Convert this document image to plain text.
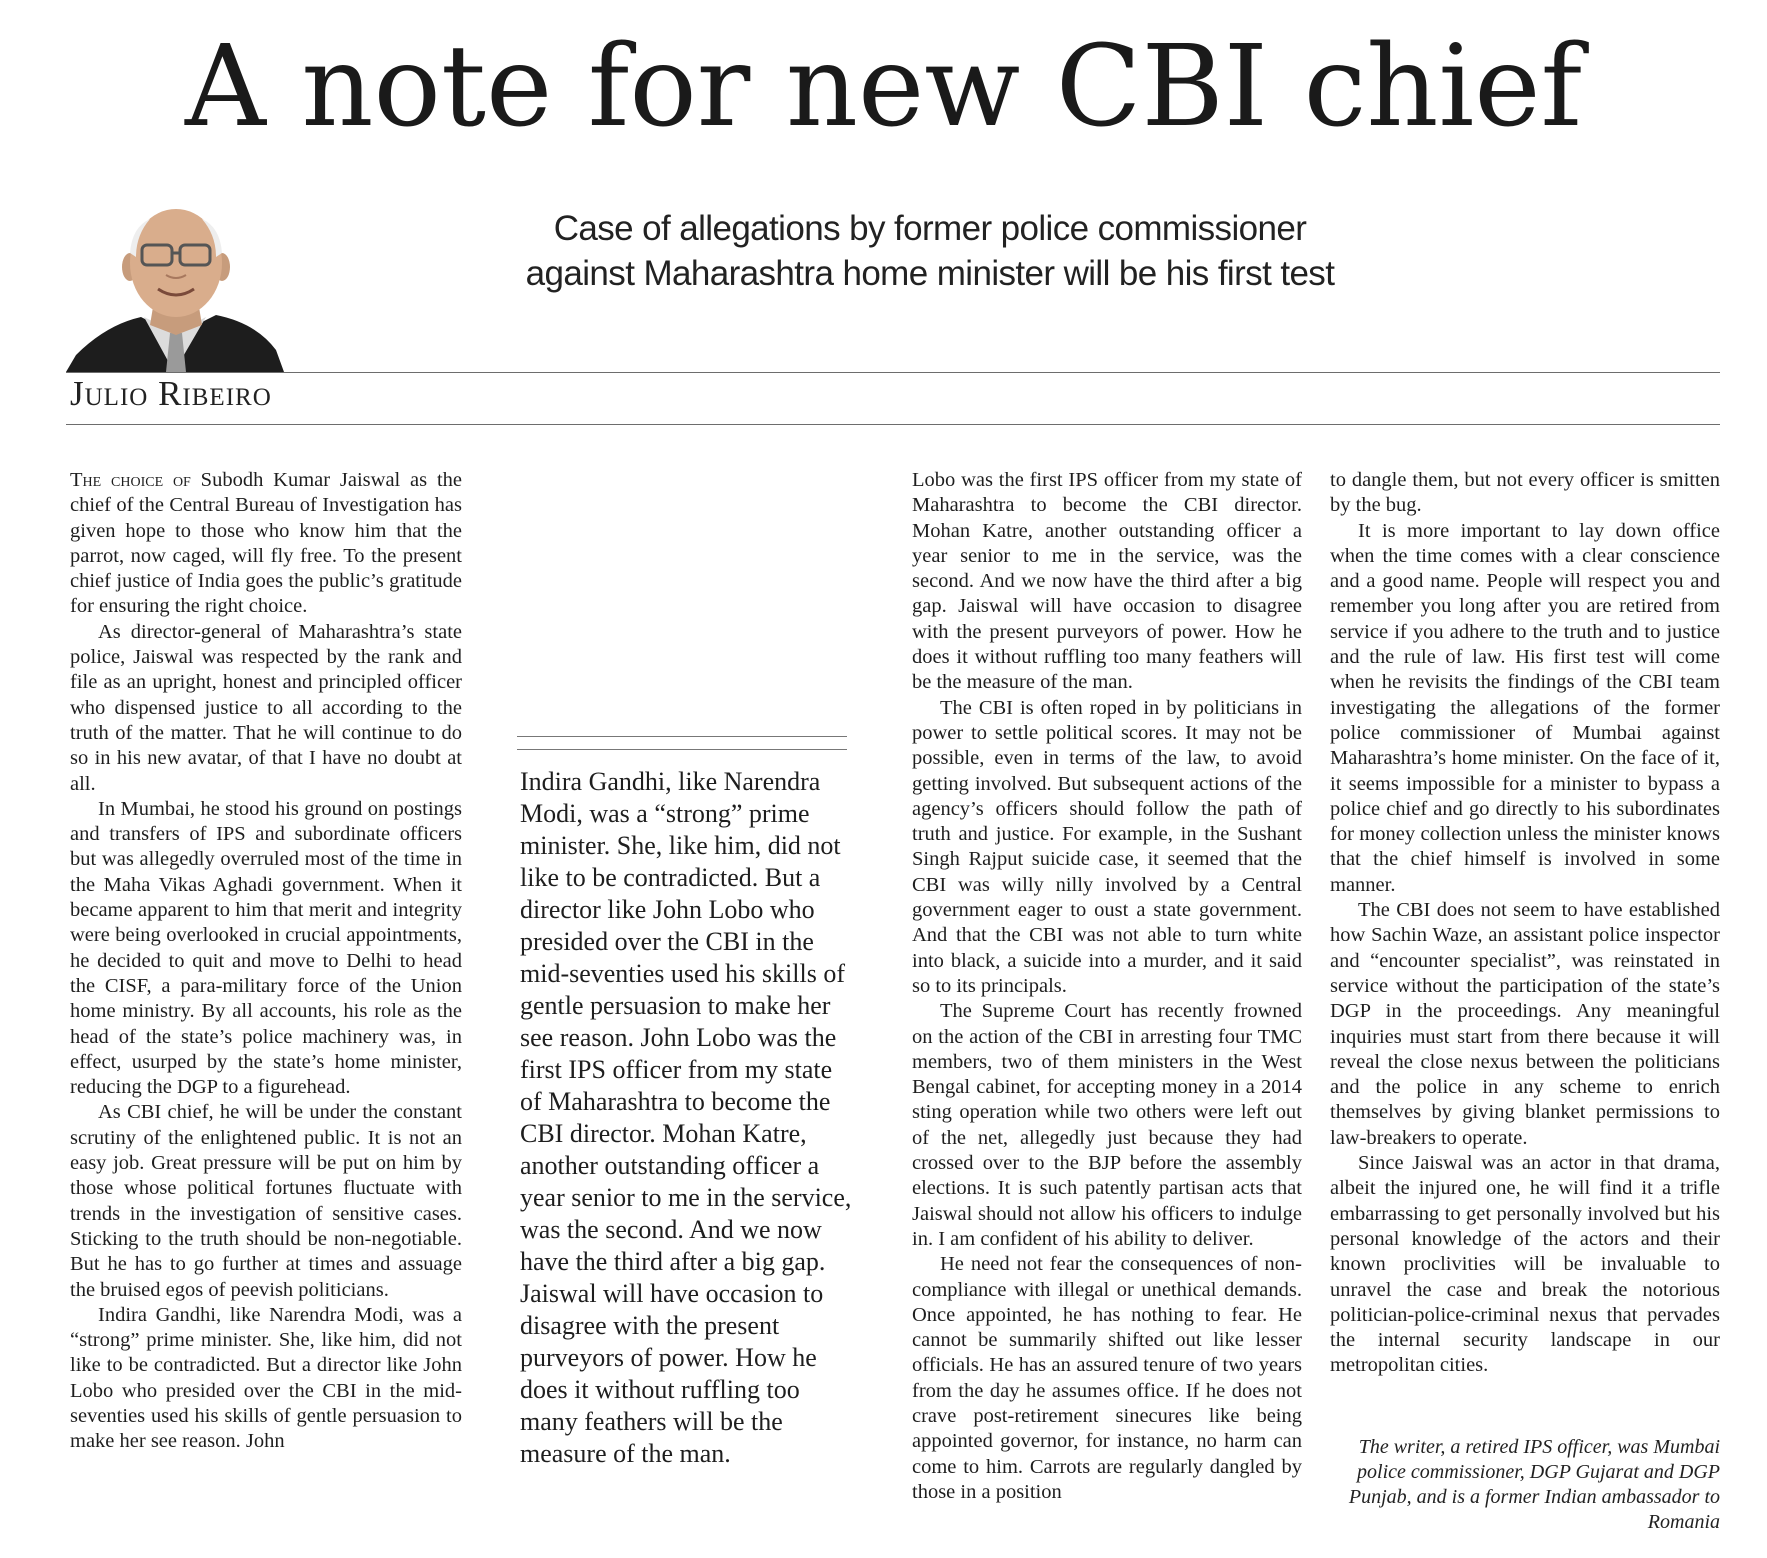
A note for new CBI chief
Case of allegations by former police commissioner
against Maharashtra home minister will be his first test
Julio Ribeiro

The choice of Subodh Kumar Jaiswal as the chief of the Central Bureau of Investigation has given hope to those who know him that the parrot, now caged, will fly free. To the present chief justice of India goes the public’s gratitude for ensuring the right choice.

As director-general of Maharashtra’s state police, Jaiswal was respected by the rank and file as an upright, honest and principled officer who dispensed justice to all according to the truth of the matter. That he will continue to do so in his new avatar, of that I have no doubt at all.

In Mumbai, he stood his ground on postings and transfers of IPS and subordinate officers but was allegedly overruled most of the time in the Maha Vikas Aghadi government. When it became apparent to him that merit and integrity were being overlooked in crucial appointments, he decided to quit and move to Delhi to head the CISF, a para-military force of the Union home ministry. By all accounts, his role as the head of the state’s police machinery was, in effect, usurped by the state’s home minister, reducing the DGP to a figurehead.

As CBI chief, he will be under the constant scrutiny of the enlightened public. It is not an easy job. Great pressure will be put on him by those whose political fortunes fluctuate with trends in the investigation of sensitive cases. Sticking to the truth should be non-negotiable. But he has to go further at times and assuage the bruised egos of peevish politicians.

Indira Gandhi, like Narendra Modi, was a “strong” prime minister. She, like him, did not like to be contradicted. But a director like John Lobo who presided over the CBI in the mid-seventies used his skills of gentle persuasion to make her see reason. John

Indira Gandhi, like Narendra Modi, was a “strong” prime minister. She, like him, did not like to be contradicted. But a director like John Lobo who presided over the CBI in the mid-seventies used his skills of gentle persuasion to make her see reason. John Lobo was the first IPS officer from my state of Maharashtra to become the CBI director. Mohan Katre, another outstanding officer a year senior to me in the service, was the second. And we now have the third after a big gap. Jaiswal will have occasion to disagree with the present purveyors of power. How he does it without ruffling too many feathers will be the measure of the man.

Lobo was the first IPS officer from my state of Maharashtra to become the CBI director. Mohan Katre, another outstanding officer a year senior to me in the service, was the second. And we now have the third after a big gap. Jaiswal will have occasion to disagree with the present purveyors of power. How he does it without ruffling too many feathers will be the measure of the man.

The CBI is often roped in by politicians in power to settle political scores. It may not be possible, even in terms of the law, to avoid getting involved. But subsequent actions of the agency’s officers should follow the path of truth and justice. For example, in the Sushant Singh Rajput suicide case, it seemed that the CBI was willy nilly involved by a Central government eager to oust a state government. And that the CBI was not able to turn white into black, a suicide into a murder, and it said so to its principals.

The Supreme Court has recently frowned on the action of the CBI in arresting four TMC members, two of them ministers in the West Bengal cabinet, for accepting money in a 2014 sting operation while two others were left out of the net, allegedly just because they had crossed over to the BJP before the assembly elections. It is such patently partisan acts that Jaiswal should not allow his officers to indulge in. I am confident of his ability to deliver.

He need not fear the consequences of non-compliance with illegal or unethical demands. Once appointed, he has nothing to fear. He cannot be summarily shifted out like lesser officials. He has an assured tenure of two years from the day he assumes office. If he does not crave post-retirement sinecures like being appointed governor, for instance, no harm can come to him. Carrots are regularly dangled by those in a position

to dangle them, but not every officer is smitten by the bug.

It is more important to lay down office when the time comes with a clear conscience and a good name. People will respect you and remember you long after you are retired from service if you adhere to the truth and to justice and the rule of law. His first test will come when he revisits the findings of the CBI team investigating the allegations of the former police commissioner of Mumbai against Maharashtra’s home minister. On the face of it, it seems impossible for a minister to bypass a police chief and go directly to his subordinates for money collection unless the minister knows that the chief himself is involved in some manner.

The CBI does not seem to have established how Sachin Waze, an assistant police inspector and “encounter specialist”, was reinstated in service without the participation of the state’s DGP in the proceedings. Any meaningful inquiries must start from there because it will reveal the close nexus between the politicians and the police in any scheme to enrich themselves by giving blanket permissions to law-breakers to operate.

Since Jaiswal was an actor in that drama, albeit the injured one, he will find it a trifle embarrassing to get personally involved but his personal knowledge of the actors and their known proclivities will be invaluable to unravel the case and break the notorious politician-police-criminal nexus that pervades the internal security landscape in our metropolitan cities.

The writer, a retired IPS officer, was Mumbai police commissioner, DGP Gujarat and DGP Punjab, and is a former Indian ambassador to Romania
